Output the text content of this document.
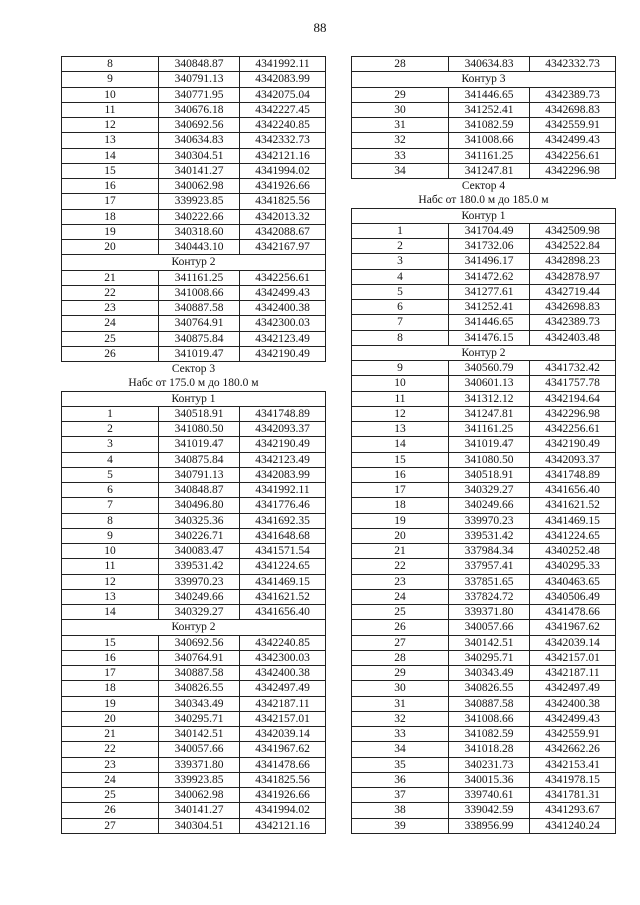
88
8	340848.87	4341992.11
9	340791.13	4342083.99
10	340771.95	4342075.04
11	340676.18	4342227.45
12	340692.56	4342240.85
13	340634.83	4342332.73
14	340304.51	4342121.16
15	340141.27	4341994.02
16	340062.98	4341926.66
17	339923.85	4341825.56
18	340222.66	4342013.32
19	340318.60	4342088.67
20	340443.10	4342167.97
Контур 2		
21	341161.25	4342256.61
22	341008.66	4342499.43
23	340887.58	4342400.38
24	340764.91	4342300.03
25	340875.84	4342123.49
26	341019.47	4342190.49
Сектор 3		
Набс от 175.0 м до 180.0 м		
Контур 1		
1	340518.91	4341748.89
2	341080.50	4342093.37
3	341019.47	4342190.49
4	340875.84	4342123.49
5	340791.13	4342083.99
6	340848.87	4341992.11
7	340496.80	4341776.46
8	340325.36	4341692.35
9	340226.71	4341648.68
10	340083.47	4341571.54
11	339531.42	4341224.65
12	339970.23	4341469.15
13	340249.66	4341621.52
14	340329.27	4341656.40
Контур 2		
15	340692.56	4342240.85
16	340764.91	4342300.03
17	340887.58	4342400.38
18	340826.55	4342497.49
19	340343.49	4342187.11
20	340295.71	4342157.01
21	340142.51	4342039.14
22	340057.66	4341967.62
23	339371.80	4341478.66
24	339923.85	4341825.56
25	340062.98	4341926.66
26	340141.27	4341994.02
27	340304.51	4342121.16
28	340634.83	4342332.73
Контур 3		
29	341446.65	4342389.73
30	341252.41	4342698.83
31	341082.59	4342559.91
32	341008.66	4342499.43
33	341161.25	4342256.61
34	341247.81	4342296.98
Сектор 4		
Набс от 180.0 м до 185.0 м		
Контур 1		
1	341704.49	4342509.98
2	341732.06	4342522.84
3	341496.17	4342898.23
4	341472.62	4342878.97
5	341277.61	4342719.44
6	341252.41	4342698.83
7	341446.65	4342389.73
8	341476.15	4342403.48
Контур 2		
9	340560.79	4341732.42
10	340601.13	4341757.78
11	341312.12	4342194.64
12	341247.81	4342296.98
13	341161.25	4342256.61
14	341019.47	4342190.49
15	341080.50	4342093.37
16	340518.91	4341748.89
17	340329.27	4341656.40
18	340249.66	4341621.52
19	339970.23	4341469.15
20	339531.42	4341224.65
21	337984.34	4340252.48
22	337957.41	4340295.33
23	337851.65	4340463.65
24	337824.72	4340506.49
25	339371.80	4341478.66
26	340057.66	4341967.62
27	340142.51	4342039.14
28	340295.71	4342157.01
29	340343.49	4342187.11
30	340826.55	4342497.49
31	340887.58	4342400.38
32	341008.66	4342499.43
33	341082.59	4342559.91
34	341018.28	4342662.26
35	340231.73	4342153.41
36	340015.36	4341978.15
37	339740.61	4341781.31
38	339042.59	4341293.67
39	338956.99	4341240.24
